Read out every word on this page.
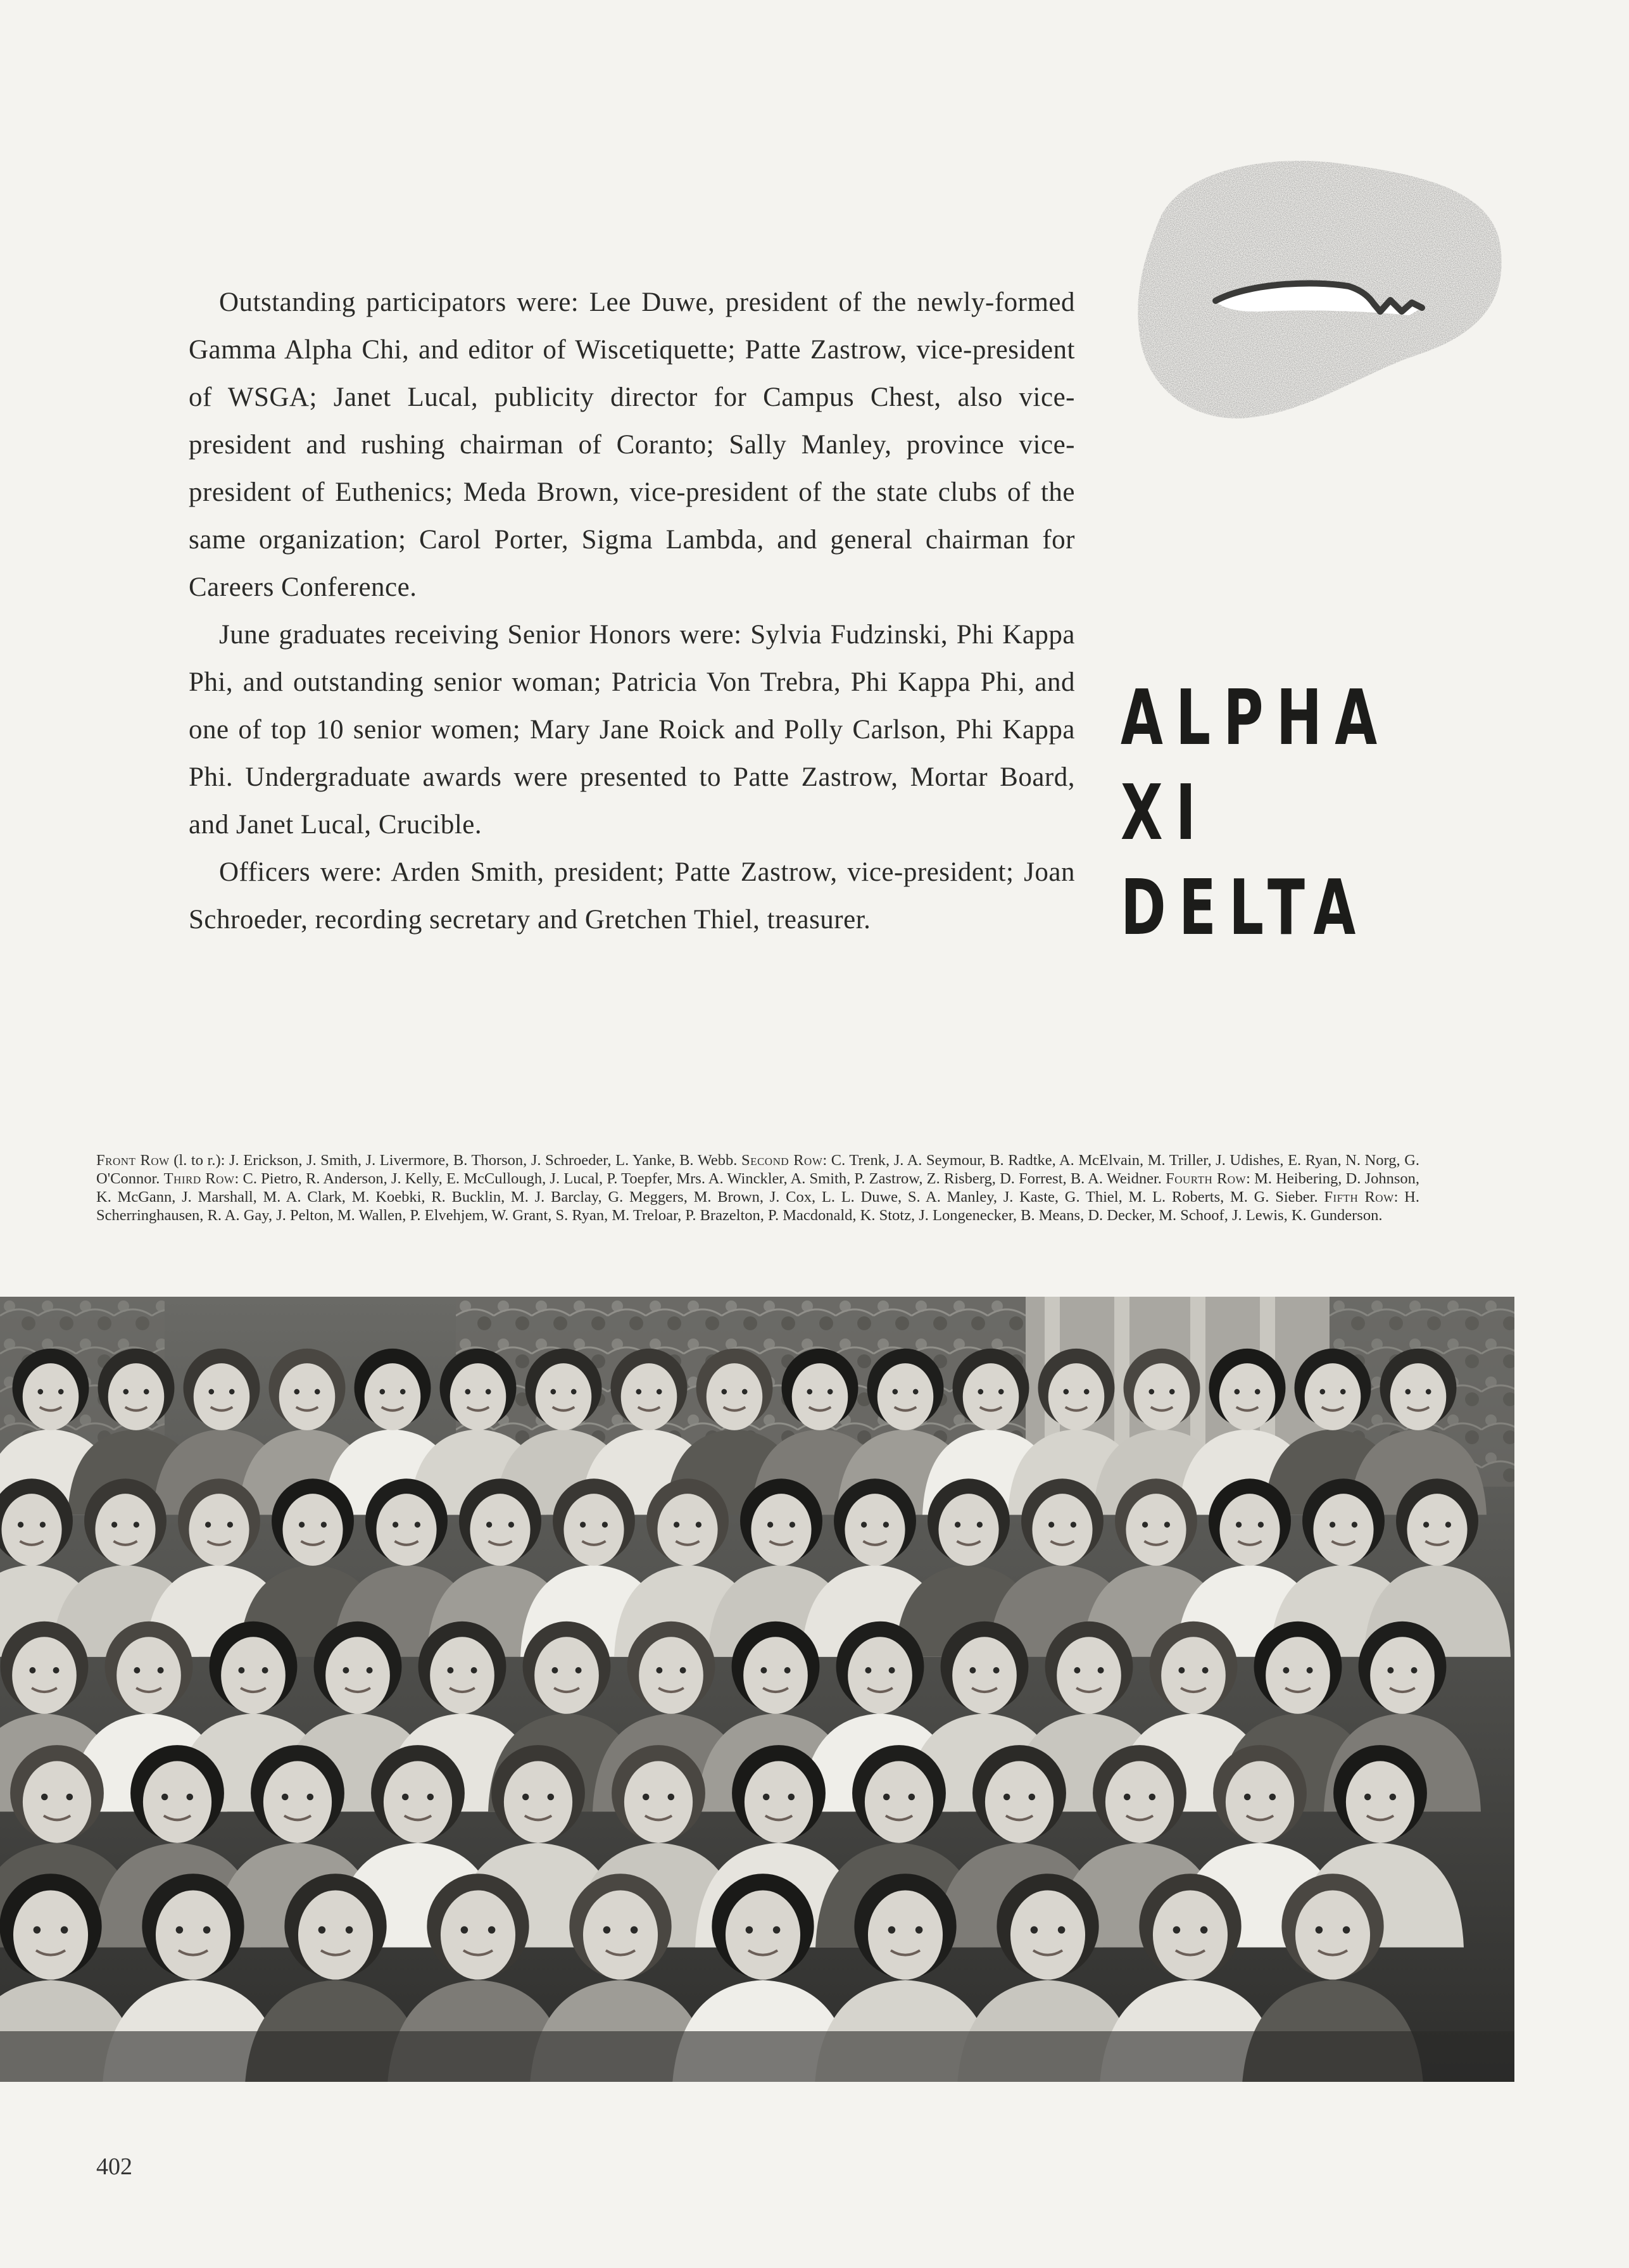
Outstanding participators were: Lee Duwe, president of the newly-formed Gamma Alpha Chi, and editor of Wiscetiquette; Patte Zastrow, vice-president of WSGA; Janet Lucal, publicity director for Campus Chest, also vice-president and rushing chairman of Coranto; Sally Manley, province vice-president of Euthenics; Meda Brown, vice-president of the state clubs of the same organization; Carol Porter, Sigma Lambda, and general chairman for Careers Conference.

June graduates receiving Senior Honors were: Sylvia Fudzinski, Phi Kappa Phi, and outstanding senior woman; Patricia Von Trebra, Phi Kappa Phi, and one of top 10 senior women; Mary Jane Roick and Polly Carlson, Phi Kappa Phi. Undergraduate awards were presented to Patte Zastrow, Mortar Board, and Janet Lucal, Crucible.

Officers were: Arden Smith, president; Patte Zastrow, vice-president; Joan Schroeder, recording secretary and Gretchen Thiel, treasurer.

ALPHA
XI
DELTA
Front Row (l. to r.): J. Erickson, J. Smith, J. Livermore, B. Thorson, J. Schroeder, L. Yanke, B. Webb. Second Row: C. Trenk, J. A. Seymour, B. Radtke, A. McElvain, M. Triller, J. Udishes, E. Ryan, N. Norg, G. O'Connor. Third Row: C. Pietro, R. Anderson, J. Kelly, E. McCullough, J. Lucal, P. Toepfer, Mrs. A. Winckler, A. Smith, P. Zastrow, Z. Risberg, D. Forrest, B. A. Weidner. Fourth Row: M. Heibering, D. Johnson, K. McGann, J. Marshall, M. A. Clark, M. Koebki, R. Bucklin, M. J. Barclay, G. Meggers, M. Brown, J. Cox, L. L. Duwe, S. A. Manley, J. Kaste, G. Thiel, M. L. Roberts, M. G. Sieber. Fifth Row: H. Scherringhausen, R. A. Gay, J. Pelton, M. Wallen, P. Elvehjem, W. Grant, S. Ryan, M. Treloar, P. Brazelton, P. Macdonald, K. Stotz, J. Longenecker, B. Means, D. Decker, M. Schoof, J. Lewis, K. Gunderson.
402
